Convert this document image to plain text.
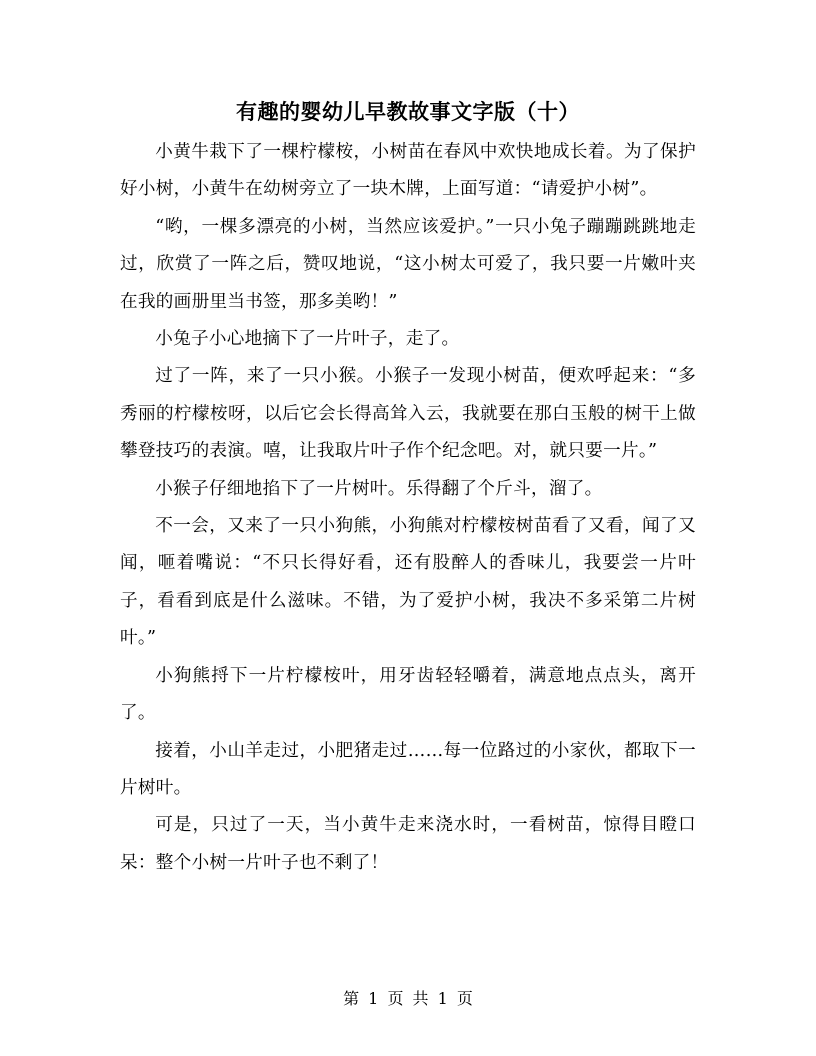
有趣的婴幼儿早教故事文字版（十）

小黄牛栽下了一棵柠檬桉，小树苗在春风中欢快地成长着。为了保护好小树，小黄牛在幼树旁立了一块木牌，上面写道：“请爱护小树”。

“哟，一棵多漂亮的小树，当然应该爱护。”一只小兔子蹦蹦跳跳地走过，欣赏了一阵之后，赞叹地说，“这小树太可爱了，我只要一片嫩叶夹在我的画册里当书签，那多美哟！”

小兔子小心地摘下了一片叶子，走了。

过了一阵，来了一只小猴。小猴子一发现小树苗，便欢呼起来：“多秀丽的柠檬桉呀，以后它会长得高耸入云，我就要在那白玉般的树干上做攀登技巧的表演。嘻，让我取片叶子作个纪念吧。对，就只要一片。”

小猴子仔细地掐下了一片树叶。乐得翻了个斤斗，溜了。

不一会，又来了一只小狗熊，小狗熊对柠檬桉树苗看了又看，闻了又闻，咂着嘴说：“不只长得好看，还有股醉人的香味儿，我要尝一片叶子，看看到底是什么滋味。不错，为了爱护小树，我决不多采第二片树叶。”

小狗熊捋下一片柠檬桉叶，用牙齿轻轻嚼着，满意地点点头，离开了。

接着，小山羊走过，小肥猪走过……每一位路过的小家伙，都取下一片树叶。

可是，只过了一天，当小黄牛走来浇水时，一看树苗，惊得目瞪口呆：整个小树一片叶子也不剩了！

第 1 页 共 1 页
